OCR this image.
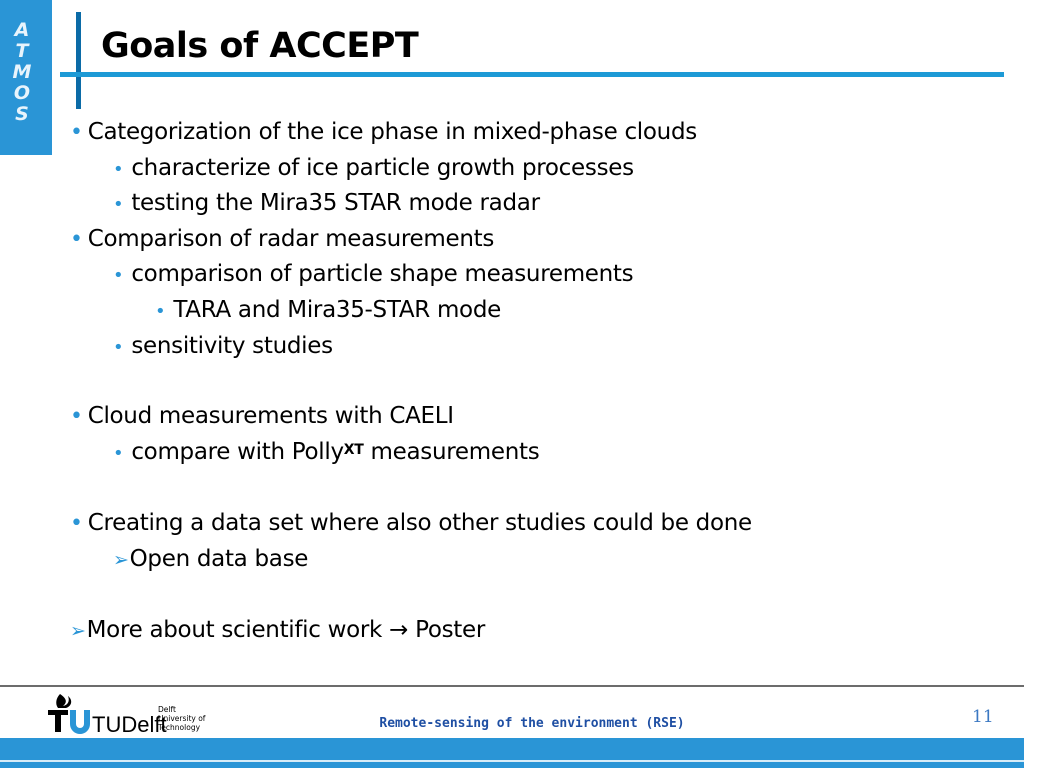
A
T
M
O
S
Goals of ACCEPT
• Categorization of the ice phase in mixed-phase clouds
• characterize of ice particle growth processes
• testing the Mira35 STAR mode radar
• Comparison of radar measurements
• comparison of particle shape measurements
• TARA and Mira35-STAR mode
• sensitivity studies
• Cloud measurements with CAELI
• compare with Polly$^{XT}$ measurements
• Creating a data set where also other studies could be done
➢Open data base
➢More about scientific work → Poster
TUDelft
Delft
University of
Technology	Remote-sensing of the environment (RSE)	11
